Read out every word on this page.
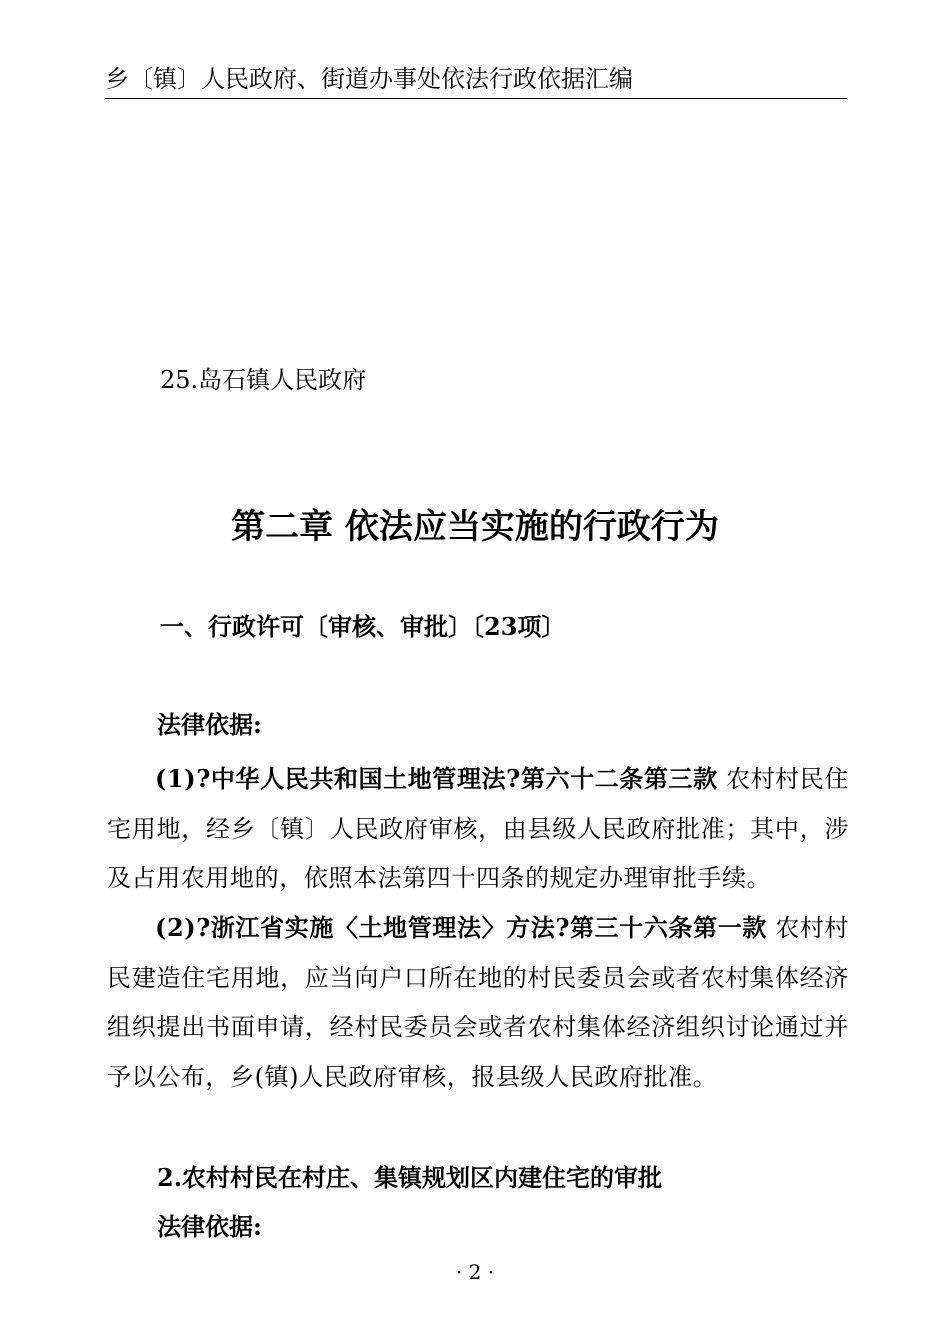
乡〔镇〕人民政府、街道办事处依法行政依据汇编
25.岛石镇人民政府
第二章 依法应当实施的行政行为
一、行政许可〔审核、审批〕〔23项〕
法律依据:
(1)?中华人民共和国土地管理法?第六十二条第三款 农村村民住宅用地，经乡〔镇〕人民政府审核，由县级人民政府批准；其中，涉及占用农用地的，依照本法第四十四条的规定办理审批手续。
(2)?浙江省实施〈土地管理法〉方法?第三十六条第一款 农村村民建造住宅用地，应当向户口所在地的村民委员会或者农村集体经济组织提出书面申请，经村民委员会或者农村集体经济组织讨论通过并予以公布，乡(镇)人民政府审核，报县级人民政府批准。
2.农村村民在村庄、集镇规划区内建住宅的审批
法律依据:
· 2 ·
